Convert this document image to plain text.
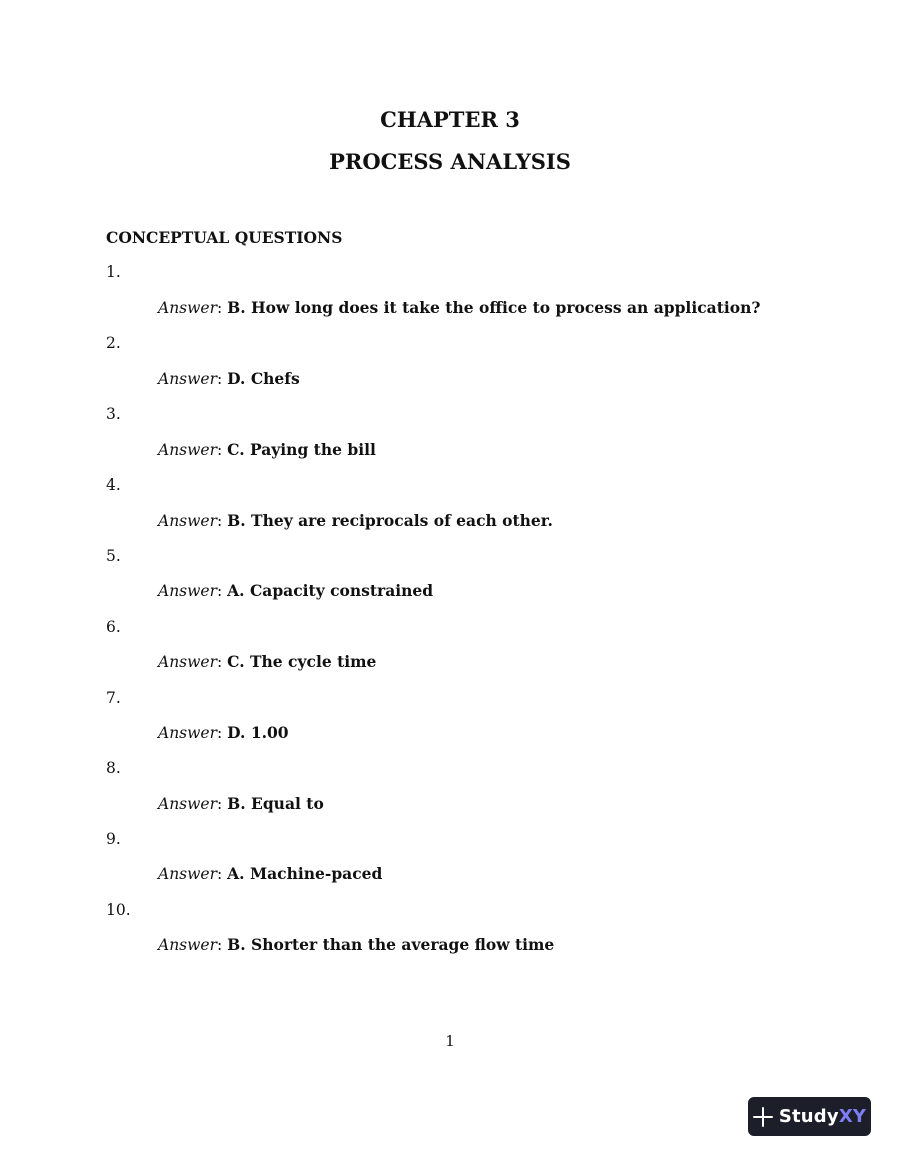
CHAPTER 3
PROCESS ANALYSIS
CONCEPTUAL QUESTIONS
1.
Answer: B. How long does it take the office to process an application?
2.
Answer: D. Chefs
3.
Answer: C. Paying the bill
4.
Answer: B. They are reciprocals of each other.
5.
Answer: A. Capacity constrained
6.
Answer: C. The cycle time
7.
Answer: D. 1.00
8.
Answer: B. Equal to
9.
Answer: A. Machine-paced
10.
Answer: B. Shorter than the average flow time
1
StudyXY
